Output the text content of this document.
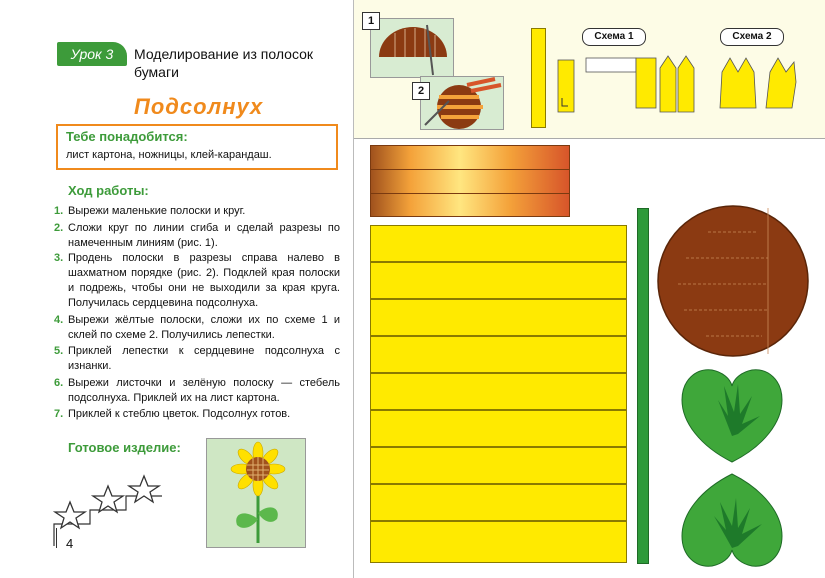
Урок 3	Моделирование из полосок бумаги
Подсолнух
Тебе понадобится:
лист картона, ножницы, клей-карандаш.
Ход работы:
1. Вырежи маленькие полоски и круг.
2. Сложи круг по линии сгиба и сделай разрезы по намеченным линиям (рис. 1).
3. Продень полоски в разрезы справа налево в шахматном порядке (рис. 2). Подклей края полоски и подрежь, чтобы они не выходили за края круга. Получилась сердцевина подсолнуха.
4. Вырежи жёлтые полоски, сложи их по схеме 1 и склей по схеме 2. Получились лепестки.
5. Приклей лепестки к сердцевине подсолнуха с изнанки.
6. Вырежи листочки и зелёную полоску — стебель подсолнуха. Приклей их на лист картона.
7. Приклей к стеблю цветок. Подсолнух готов.
Готовое изделие:
4
1
2
Схема 1	Схема 2
